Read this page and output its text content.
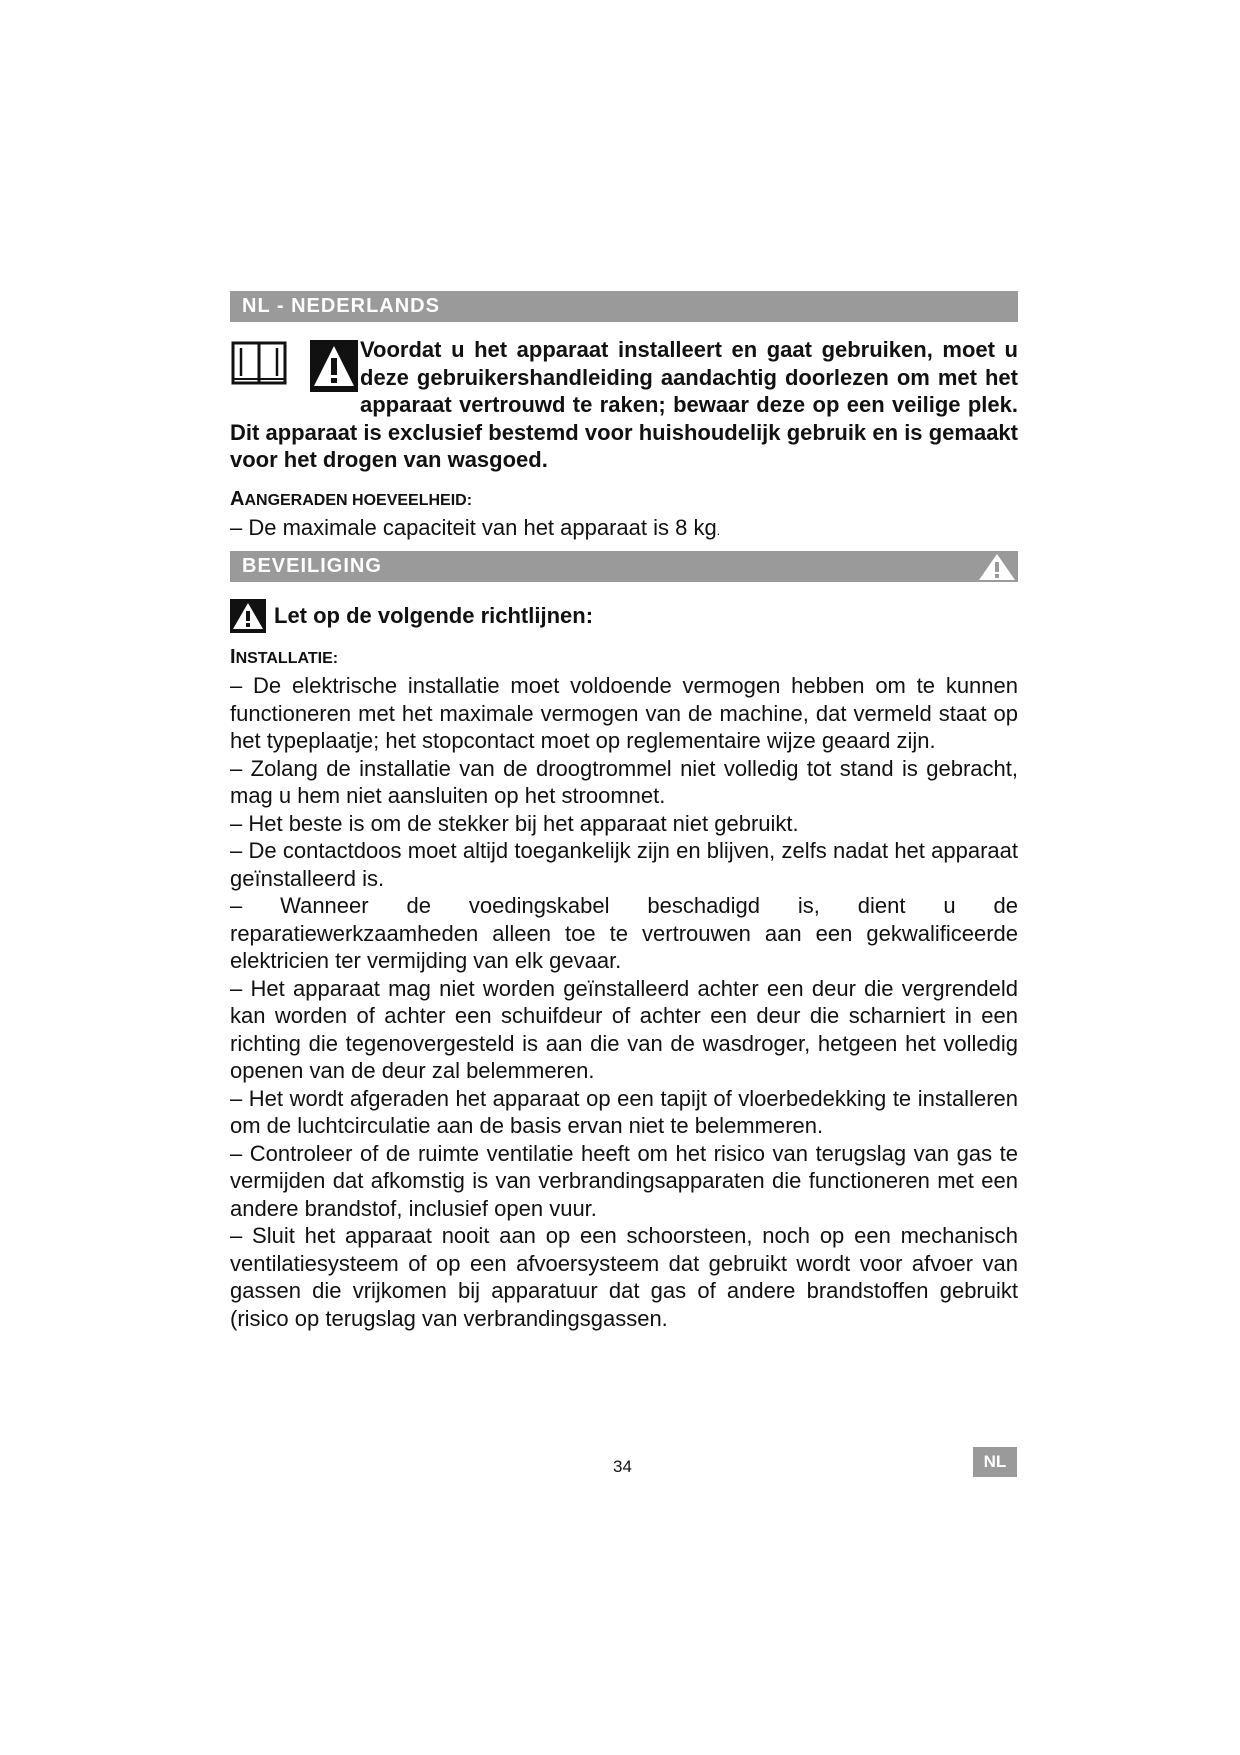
NL - NEDERLANDS
Voordat u het apparaat installeert en gaat gebruiken, moet u deze gebruikershandleiding aandachtig doorlezen om met het apparaat vertrouwd te raken; bewaar deze op een veilige plek. Dit apparaat is exclusief bestemd voor huishoudelijk gebruik en is gemaakt voor het drogen van wasgoed.
AANGERADEN HOEVEELHEID:
– De maximale capaciteit van het apparaat is 8 kg.
BEVEILIGING
Let op de volgende richtlijnen:
INSTALLATIE:

– De elektrische installatie moet voldoende vermogen hebben om te kunnen functioneren met het maximale vermogen van de machine, dat vermeld staat op het typeplaatje; het stopcontact moet op reglementaire wijze geaard zijn.

– Zolang de installatie van de droogtrommel niet volledig tot stand is gebracht, mag u hem niet aansluiten op het stroomnet.

– Het beste is om de stekker bij het apparaat niet gebruikt.

– De contactdoos moet altijd toegankelijk zijn en blijven, zelfs nadat het apparaat geïnstalleerd is.

– Wanneer de voedingskabel beschadigd is, dient u de reparatiewerkzaamheden alleen toe te vertrouwen aan een gekwalificeerde elektricien ter vermijding van elk gevaar.

– Het apparaat mag niet worden geïnstalleerd achter een deur die vergrendeld kan worden of achter een schuifdeur of achter een deur die scharniert in een richting die tegenovergesteld is aan die van de wasdroger, hetgeen het volledig openen van de deur zal belemmeren.

– Het wordt afgeraden het apparaat op een tapijt of vloerbedekking te installeren om de luchtcirculatie aan de basis ervan niet te belemmeren.

– Controleer of de ruimte ventilatie heeft om het risico van terugslag van gas te vermijden dat afkomstig is van verbrandingsapparaten die functioneren met een andere brandstof, inclusief open vuur.

– Sluit het apparaat nooit aan op een schoorsteen, noch op een mechanisch ventilatiesysteem of op een afvoersysteem dat gebruikt wordt voor afvoer van gassen die vrijkomen bij apparatuur dat gas of andere brandstoffen gebruikt (risico op terugslag van verbrandingsgassen.

34	NL
